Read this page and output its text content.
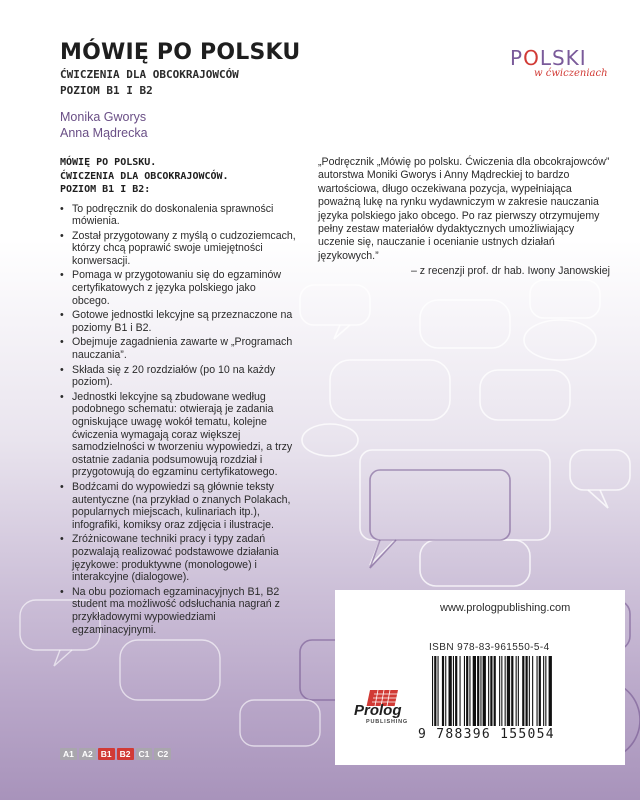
MÓWIĘ PO POLSKU
ĆWICZENIA DLA OBCOKRAJOWCÓW
POZIOM B1 I B2
Monika Gworys
Anna Mądrecka
POLSKI
w ćwiczeniach
MÓWIĘ PO POLSKU.
ĆWICZENIA DLA OBCOKRAJOWCÓW.
POZIOM B1 I B2:
• To podręcznik do doskonalenia sprawności mówienia.
• Został przygotowany z myślą o cudzoziemcach, którzy chcą poprawić swoje umiejętności konwersacji.
• Pomaga w przygotowaniu się do egzaminów certyfikatowych z języka polskiego jako obcego.
• Gotowe jednostki lekcyjne są przeznaczone na poziomy B1 i B2.
• Obejmuje zagadnienia zawarte w „Programach nauczania”.
• Składa się z 20 rozdziałów (po 10 na każdy poziom).
• Jednostki lekcyjne są zbudowane według podobnego schematu: otwierają je zadania ogniskujące uwagę wokół tematu, kolejne ćwiczenia wymagają coraz większej samodzielności w tworzeniu wypowiedzi, a trzy ostatnie zadania podsumowują rozdział i przygotowują do egzaminu certyfikatowego.
• Bodźcami do wypowiedzi są głównie teksty autentyczne (na przykład o znanych Polakach, popularnych miejscach, kulinariach itp.), infografiki, komiksy oraz zdjęcia i ilustracje.
• Zróżnicowane techniki pracy i typy zadań pozwalają realizować podstawowe działania językowe: produktywne (monologowe) i interakcyjne (dialogowe).
• Na obu poziomach egzaminacyjnych B1, B2 student ma możliwość odsłuchania nagrań z przykładowymi wypowiedziami egzaminacyjnymi.
„Podręcznik „Mówię po polsku. Ćwiczenia dla obcokrajowców” autorstwa Moniki Gworys i Anny Mądreckiej to bardzo wartościowa, długo oczekiwana pozycja, wypełniająca poważną lukę na rynku wydawniczym w zakresie nauczania języka polskiego jako obcego. Po raz pierwszy otrzymujemy pełny zestaw materiałów dydaktycznych umożliwiający uczenie się, nauczanie i ocenianie ustnych działań językowych.”
– z recenzji prof. dr hab. Iwony Janowskiej
A1 A2 B1 B2 C1 C2
www.prologpublishing.com
ISBN 978-83-961550-5-4
9 788396 155054
Prolog
PUBLISHING
